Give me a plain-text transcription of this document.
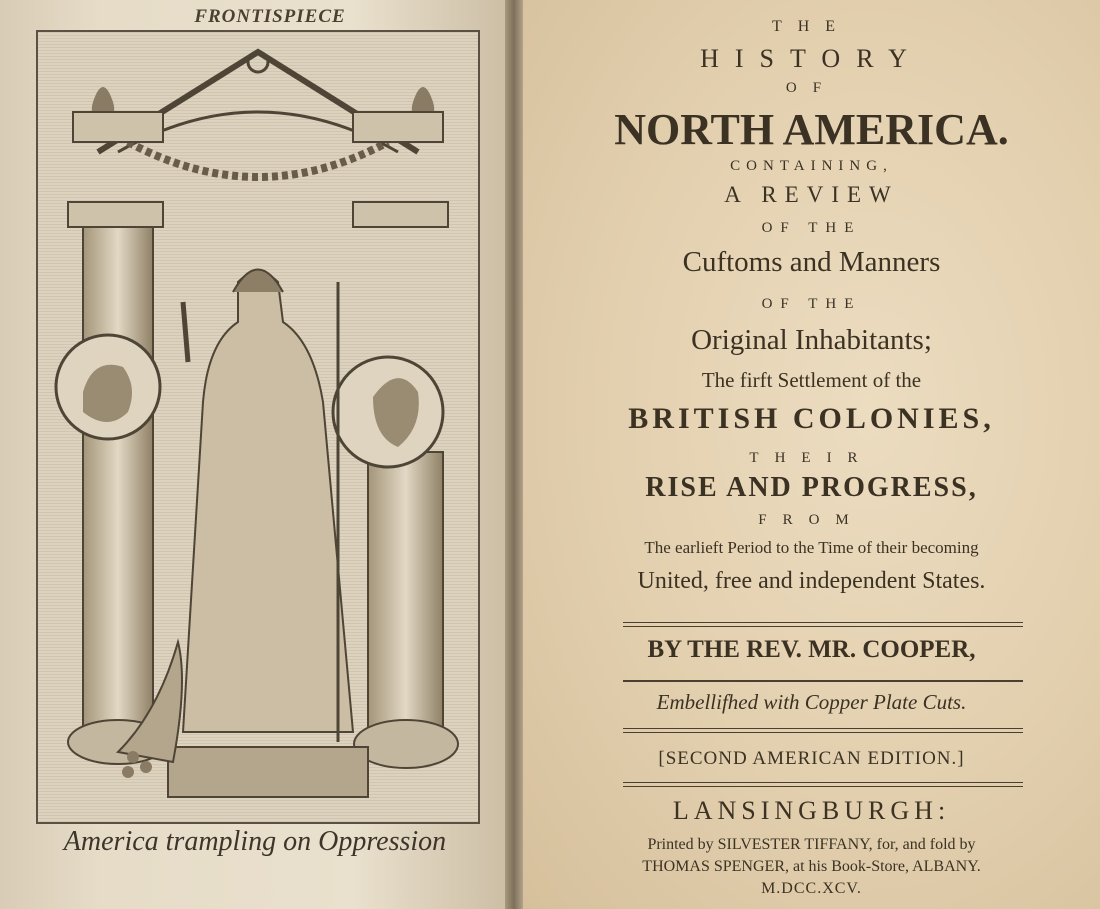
FRONTISPIECE
America trampling on Oppression
THE
HISTORY
OF
NORTH AMERICA.
CONTAINING,
A REVIEW
OF THE
Cuftoms and Manners
OF THE
Original Inhabitants;
The firft Settlement of the
BRITISH COLONIES,
THEIR
RISE AND PROGRESS,
FROM
The earlieft Period to the Time of their becoming
United, free and independent States.
BY THE REV. MR. COOPER,
Embellifhed with Copper Plate Cuts.
[SECOND AMERICAN EDITION.]
LANSINGBURGH:
Printed by SILVESTER TIFFANY, for, and fold by
THOMAS SPENGER, at his Book-Store, ALBANY.
M.DCC.XCV.
